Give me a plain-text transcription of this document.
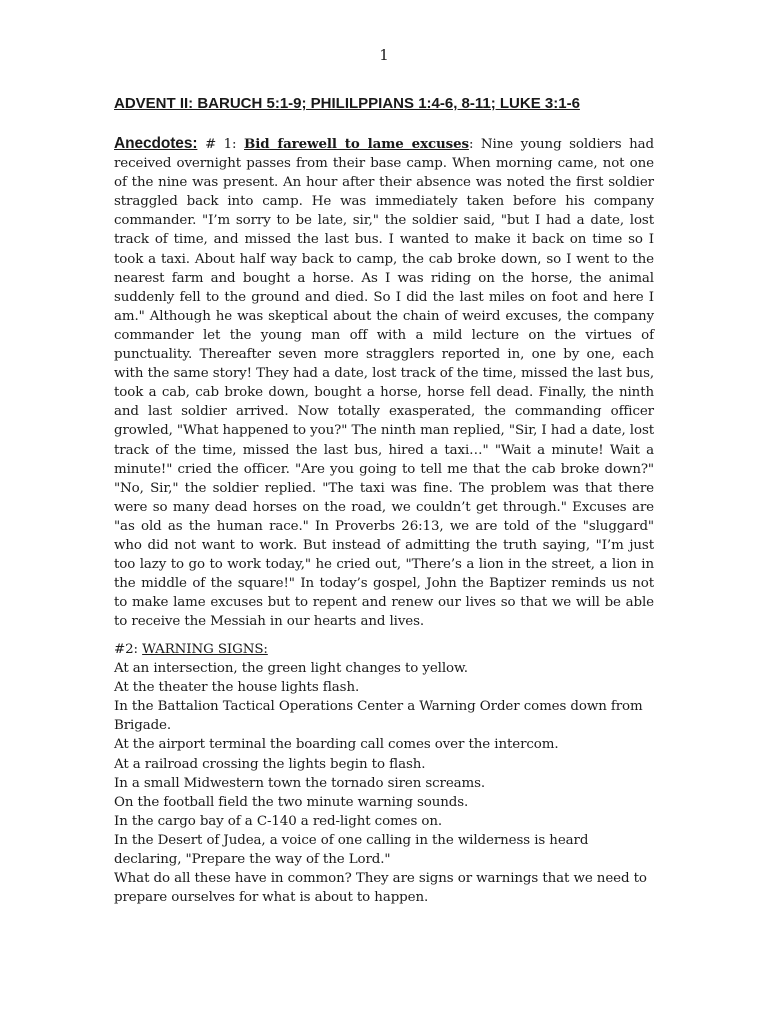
1
ADVENT II: BARUCH 5:1-9; PHILILPPIANS 1:4-6, 8-11; LUKE 3:1-6
Anecdotes: # 1: Bid farewell to lame excuses: Nine young soldiers had received overnight passes from their base camp. When morning came, not one of the nine was present. An hour after their absence was noted the first soldier straggled back into camp. He was immediately taken before his company commander. "I’m sorry to be late, sir," the soldier said, "but I had a date, lost track of time, and missed the last bus. I wanted to make it back on time so I took a taxi. About half way back to camp, the cab broke down, so I went to the nearest farm and bought a horse. As I was riding on the horse, the animal suddenly fell to the ground and died. So I did the last miles on foot and here I am." Although he was skeptical about the chain of weird excuses, the company commander let the young man off with a mild lecture on the virtues of punctuality. Thereafter seven more stragglers reported in, one by one, each with the same story! They had a date, lost track of the time, missed the last bus, took a cab, cab broke down, bought a horse, horse fell dead. Finally, the ninth and last soldier arrived. Now totally exasperated, the commanding officer growled, "What happened to you?" The ninth man replied, "Sir, I had a date, lost track of the time, missed the last bus, hired a taxi…" "Wait a minute! Wait a minute!" cried the officer. "Are you going to tell me that the cab broke down?" "No, Sir," the soldier replied. "The taxi was fine. The problem was that there were so many dead horses on the road, we couldn’t get through." Excuses are "as old as the human race." In Proverbs 26:13, we are told of the "sluggard" who did not want to work. But instead of admitting the truth saying, "I’m just too lazy to go to work today," he cried out, "There’s a lion in the street, a lion in the middle of the square!" In today’s gospel, John the Baptizer reminds us not to make lame excuses but to repent and renew our lives so that we will be able to receive the Messiah in our hearts and lives.
#2: WARNING SIGNS:
At an intersection, the green light changes to yellow.
At the theater the house lights flash.
In the Battalion Tactical Operations Center a Warning Order comes down from Brigade.
At the airport terminal the boarding call comes over the intercom.
At a railroad crossing the lights begin to flash.
In a small Midwestern town the tornado siren screams.
On the football field the two minute warning sounds.
In the cargo bay of a C-140 a red-light comes on.
In the Desert of Judea, a voice of one calling in the wilderness is heard declaring, "Prepare the way of the Lord."
What do all these have in common? They are signs or warnings that we need to prepare ourselves for what is about to happen.
